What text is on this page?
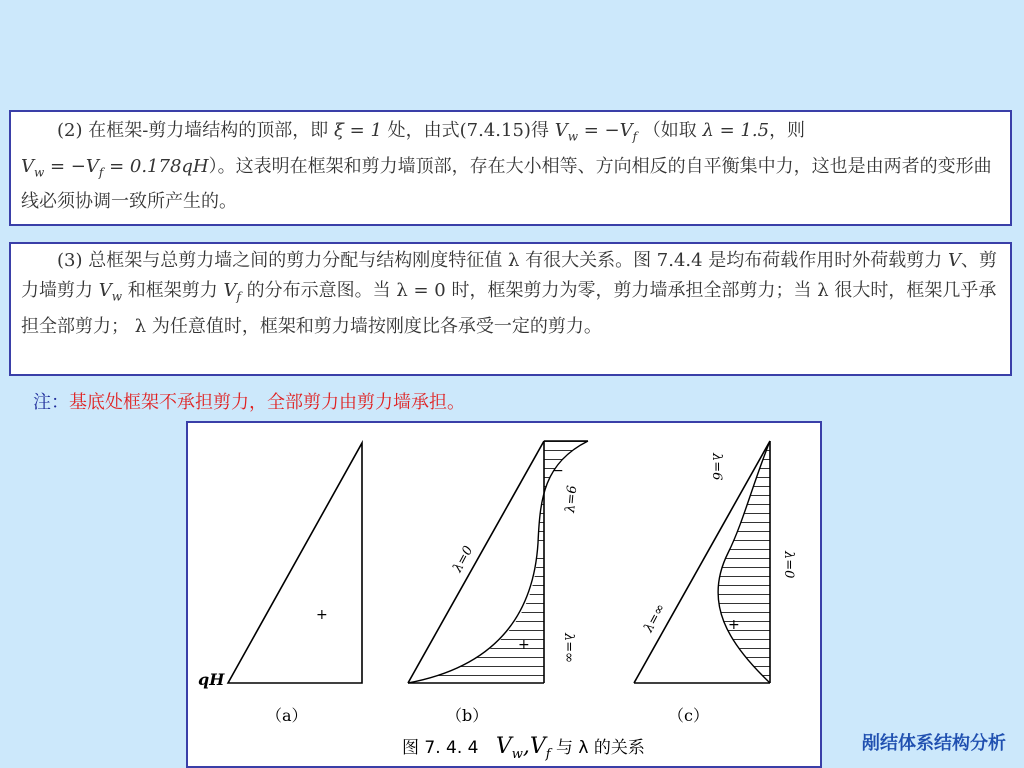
(2) 在框架-剪力墙结构的顶部，即 ξ = 1 处，由式(7.4.15)得 $V_w = -V_f$ （如取 λ = 1.5，则
$V_w = -V_f = 0.178qH$）。这表明在框架和剪力墙顶部，存在大小相等、方向相反的自平衡集中力，这也是由两者的变形曲线必须协调一致所产生的。

(3) 总框架与总剪力墙之间的剪力分配与结构刚度特征值 λ 有很大关系。图 7.4.4 是均布荷载作用时外荷载剪力 V、剪力墙剪力 $V_w$ 和框架剪力 $V_f$ 的分布示意图。当 λ = 0 时，框架剪力为零，剪力墙承担全部剪力；当 λ 很大时，框架几乎承担全部剪力； λ 为任意值时，框架和剪力墙按刚度比各承受一定的剪力。

注：基底处框架不承担剪力，全部剪力由剪力墙承担。
+
qH
（a）
−
+
λ=0
λ=6
λ=∞
（b）
+
λ=6
λ=0
λ=∞
（c）
图 7. 4. 4 $V_w,V_f$ 与 λ 的关系	剐结体系结构分析
